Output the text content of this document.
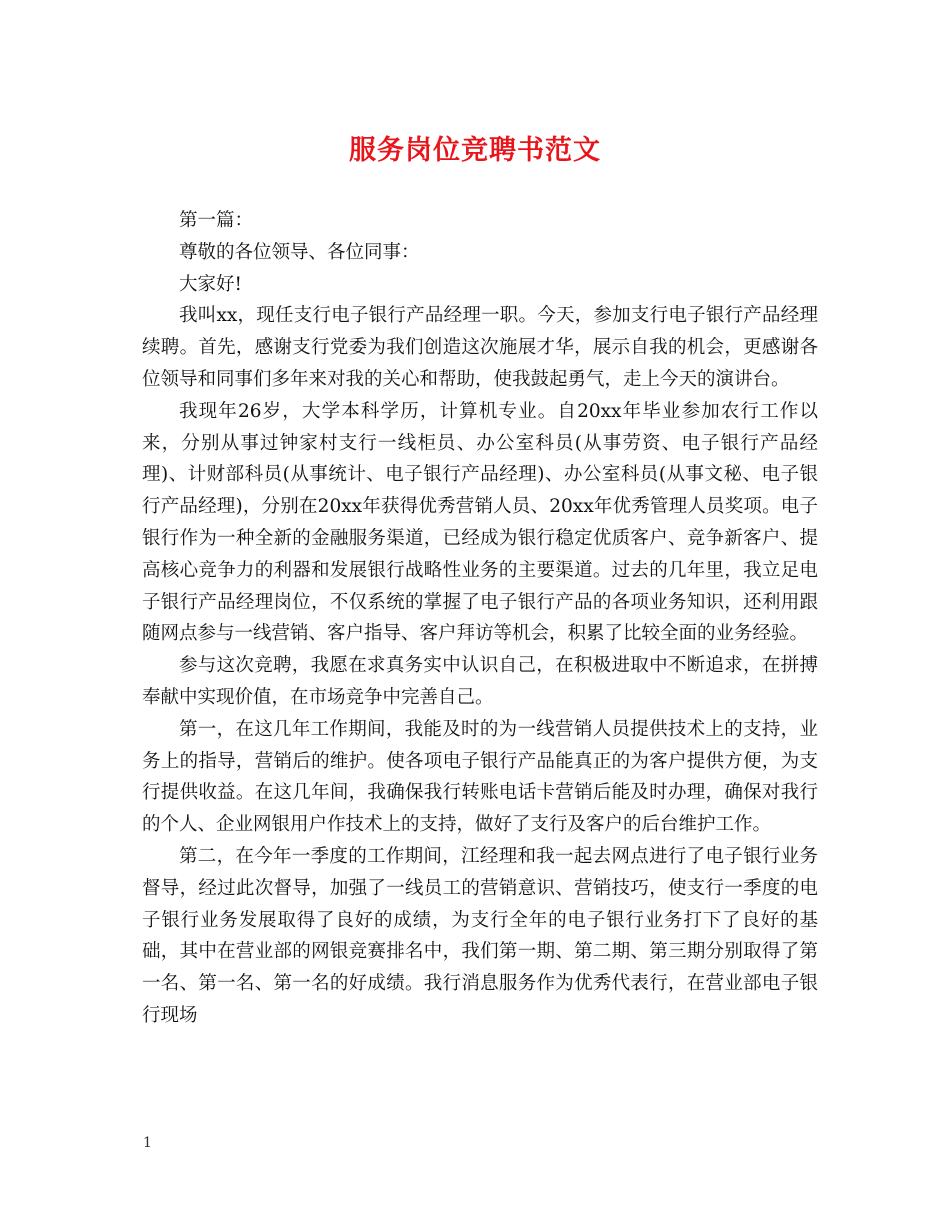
服务岗位竞聘书范文

第一篇：

尊敬的各位领导、各位同事：

大家好!

我叫xx，现任支行电子银行产品经理一职。今天，参加支行电子银行产品经理续聘。首先，感谢支行党委为我们创造这次施展才华，展示自我的机会，更感谢各位领导和同事们多年来对我的关心和帮助，使我鼓起勇气，走上今天的演讲台。

我现年26岁，大学本科学历，计算机专业。自20xx年毕业参加农行工作以来，分别从事过钟家村支行一线柜员、办公室科员(从事劳资、电子银行产品经理)、计财部科员(从事统计、电子银行产品经理)、办公室科员(从事文秘、电子银行产品经理)，分别在20xx年获得优秀营销人员、20xx年优秀管理人员奖项。电子银行作为一种全新的金融服务渠道，已经成为银行稳定优质客户、竞争新客户、提高核心竞争力的利器和发展银行战略性业务的主要渠道。过去的几年里，我立足电子银行产品经理岗位，不仅系统的掌握了电子银行产品的各项业务知识，还利用跟随网点参与一线营销、客户指导、客户拜访等机会，积累了比较全面的业务经验。

参与这次竞聘，我愿在求真务实中认识自己，在积极进取中不断追求，在拼搏奉献中实现价值，在市场竞争中完善自己。

第一，在这几年工作期间，我能及时的为一线营销人员提供技术上的支持，业务上的指导，营销后的维护。使各项电子银行产品能真正的为客户提供方便，为支行提供收益。在这几年间，我确保我行转账电话卡营销后能及时办理，确保对我行的个人、企业网银用户作技术上的支持，做好了支行及客户的后台维护工作。

第二，在今年一季度的工作期间，江经理和我一起去网点进行了电子银行业务督导，经过此次督导，加强了一线员工的营销意识、营销技巧，使支行一季度的电子银行业务发展取得了良好的成绩，为支行全年的电子银行业务打下了良好的基础，其中在营业部的网银竞赛排名中，我们第一期、第二期、第三期分别取得了第一名、第一名、第一名的好成绩。我行消息服务作为优秀代表行，在营业部电子银行现场

1
